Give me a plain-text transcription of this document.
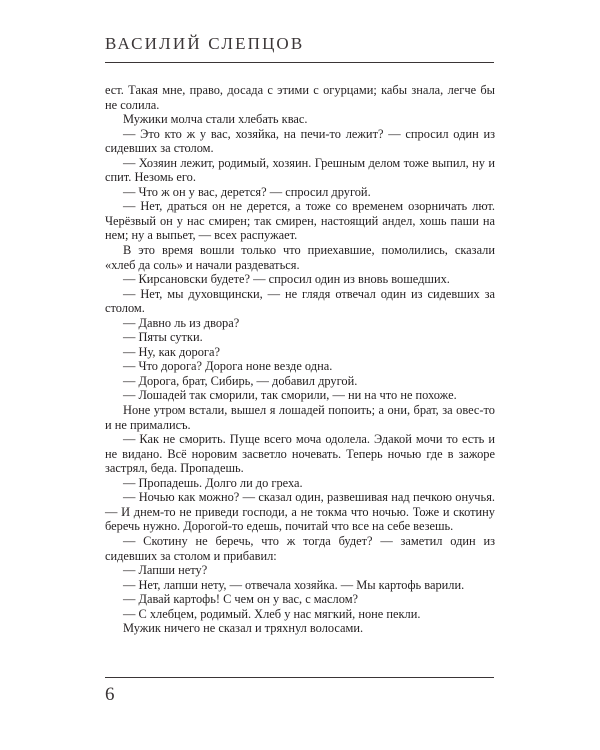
ВАСИЛИЙ СЛЕПЦОВ

ест. Такая мне, право, досада с этими с огурцами; кабы знала, легче бы не солила.

Мужики молча стали хлебать квас.

— Это кто ж у вас, хозяйка, на печи-то лежит? — спросил один из сидевших за столом.

— Хозяин лежит, родимый, хозяин. Грешным делом тоже выпил, ну и спит. Незомь его.

— Что ж он у вас, дерется? — спросил другой.

— Нет, драться он не дерется, а тоже со временем озорничать лют. Черёзвый он у нас смирен; так смирен, настоящий андел, хошь паши на нем; ну а выпьет, — всех распужает.

В это время вошли только что приехавшие, помолились, сказали «хлеб да соль» и начали раздеваться.

— Кирсановски будете? — спросил один из вновь вошедших.

— Нет, мы духовщински, — не глядя отвечал один из сидевших за столом.

— Давно ль из двора?

— Пяты сутки.

— Ну, как дорога?

— Что дорога? Дорога ноне везде одна.

— Дорога, брат, Сибирь, — добавил другой.

— Лошадей так сморили, так сморили, — ни на что не похоже.

Ноне утром встали, вышел я лошадей попоить; а они, брат, за овес-то и не прималисъ.

— Как не сморить. Пуще всего моча одолела. Эдакой мочи то есть и не видано. Всё норовим засветло ночевать. Теперь ночью где в зажоре застрял, беда. Пропадешь.

— Пропадешь. Долго ли до греха.

— Ночью как можно? — сказал один, развешивая над печкою онучья. — И днем-то не приведи господи, а не токма что ночью. Тоже и скотину беречь нужно. Дорогой-то едешь, почитай что все на себе везешь.

— Скотину не беречь, что ж тогда будет? — заметил один из сидевших за столом и прибавил:

— Лапши нету?

— Нет, лапши нету, — отвечала хозяйка. — Мы картофь варили.

— Давай картофь! С чем он у вас, с маслом?

— С хлебцем, родимый. Хлеб у нас мягкий, ноне пекли.

Мужик ничего не сказал и тряхнул волосами.

6
